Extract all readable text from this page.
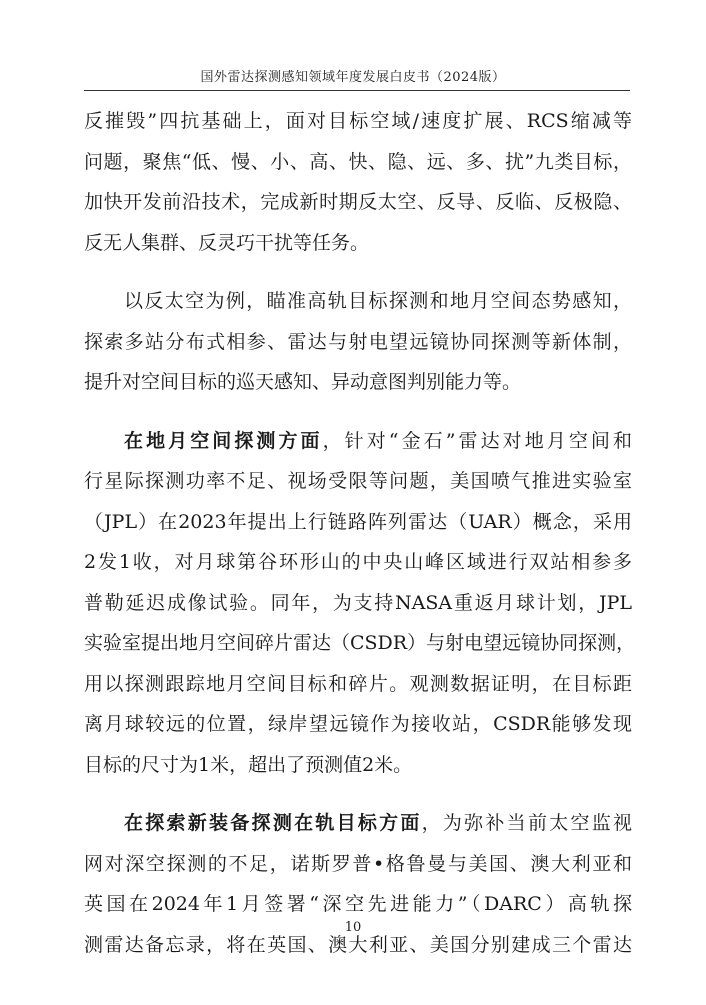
国外雷达探测感知领域年度发展白皮书（2024版）
反摧毁”四抗基础上，面对目标空域/速度扩展、RCS缩减等
问题，聚焦“低、慢、小、高、快、隐、远、多、扰”九类目标，
加快开发前沿技术，完成新时期反太空、反导、反临、反极隐、
反无人集群、反灵巧干扰等任务。
以反太空为例，瞄准高轨目标探测和地月空间态势感知，
探索多站分布式相参、雷达与射电望远镜协同探测等新体制，
提升对空间目标的巡天感知、异动意图判别能力等。
在地月空间探测方面，针对“金石”雷达对地月空间和
行星际探测功率不足、视场受限等问题，美国喷气推进实验室
（JPL）在2023年提出上行链路阵列雷达（UAR）概念，采用
2发1收，对月球第谷环形山的中央山峰区域进行双站相参多
普勒延迟成像试验。同年，为支持NASA重返月球计划，JPL
实验室提出地月空间碎片雷达（CSDR）与射电望远镜协同探测，
用以探测跟踪地月空间目标和碎片。观测数据证明，在目标距
离月球较远的位置，绿岸望远镜作为接收站，CSDR能够发现
目标的尺寸为1米，超出了预测值2米。
在探索新装备探测在轨目标方面，为弥补当前太空监视
网对深空探测的不足，诺斯罗普•格鲁曼与美国、澳大利亚和
英国在2024年1月签署“深空先进能力”（DARC）高轨探
测雷达备忘录，将在英国、澳大利亚、美国分别建成三个雷达
10
